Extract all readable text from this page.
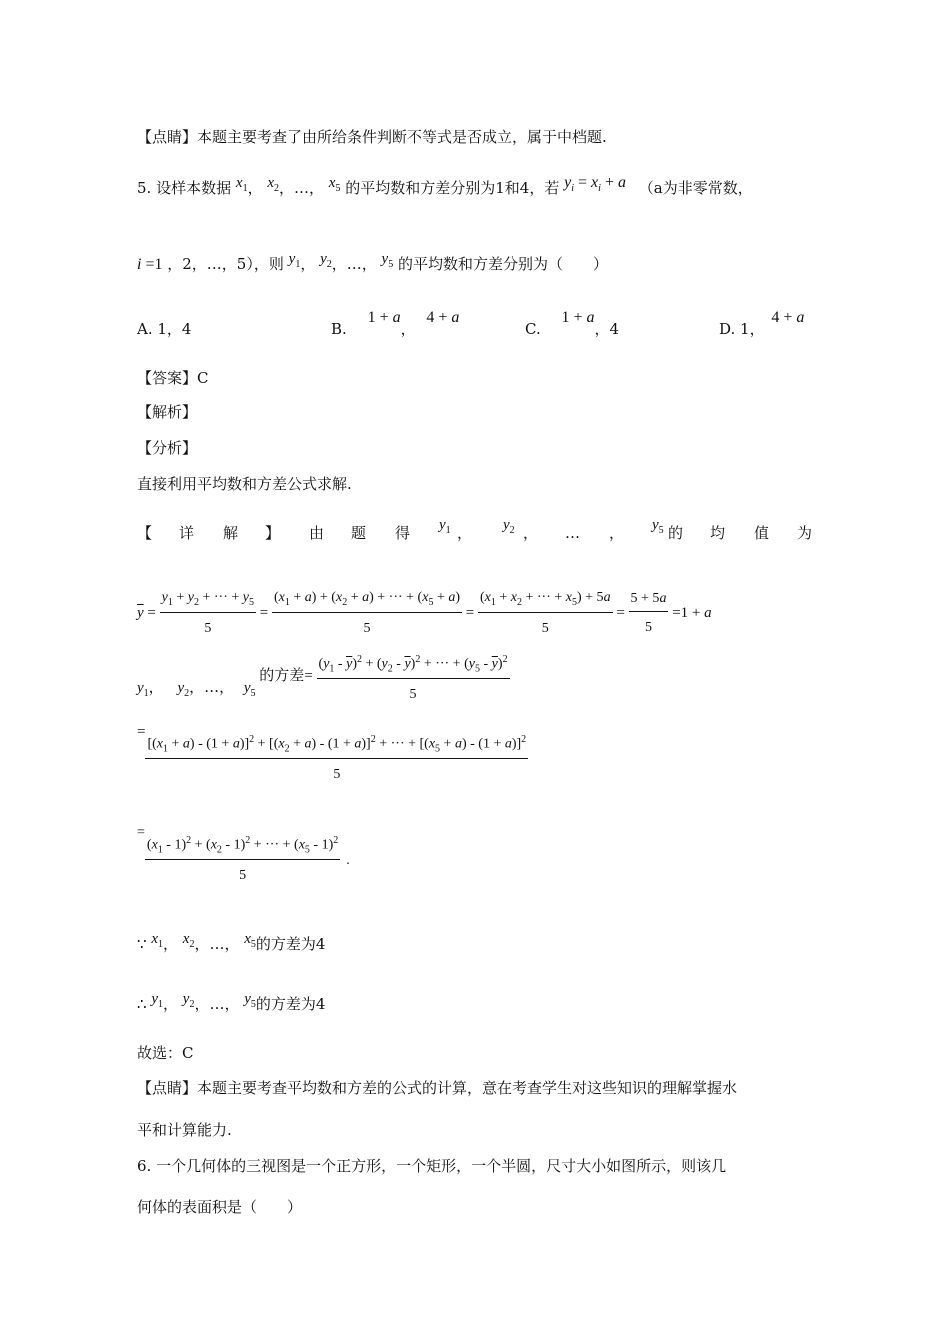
【点睛】本题主要考查了由所给条件判断不等式是否成立，属于中档题.
5. 设样本数据 $x_1$， $x_2$，…， $x_5$ 的平均数和方差分别为1和4，若 $y_i = x_i + a$ （a为非零常数，
i =1 ，2，…，5），则 $y_1$， $y_2$，…， $y_5$ 的平均数和方差分别为（　　）
A. 1，4	B. 1 + a， 4 + a
C. 1 + a，4	D. 1， 4 + a
【答案】C
【解析】
【分析】
直接利用平均数和方差公式求解.
【 详 解 】 由 题 得 $y_1$ ， $y_2$ ， … ， $y_5$ 的 均 值 为
$\overline{y} = \frac{y_1 + y_2 + \cdot\cdot\cdot + y_5}{5} = \frac{(x_1 + a) + (x_2 + a) + \cdot\cdot\cdot + (x_5 + a)}{5} = \frac{(x_1 + x_2 + \cdot\cdot\cdot + x_5) + 5a}{5} = \frac{5 + 5a}{5} =1 + a$
$y_1$， $y_2$，…， $y_5$ 的方差= $\frac{(y_1 - \overline{y})^2 + (y_2 - \overline{y})^2 + \cdot\cdot\cdot + (y_5 - \overline{y})^2}{5}$
=
$[(x_1 + a) - (1 + a)]^2 + [(x_2 + a) - (1 + a)]^2$ + ··· + $[(x_5 + a) - (1 + a)]^2$
5
=
$\frac{(x_1 - 1)^2 + (x_2 - 1)^2 + \cdot\cdot\cdot + (x_5 - 1)^2}{5}$ .
∵ $x_1$， $x_2$，…， $x_5$的方差为4
∴ $y_1$， $y_2$，…， $y_5$的方差为4
故选：C
【点睛】本题主要考查平均数和方差的公式的计算，意在考查学生对这些知识的理解掌握水
平和计算能力.
6. 一个几何体的三视图是一个正方形，一个矩形，一个半圆，尺寸大小如图所示，则该几
何体的表面积是（　　）
